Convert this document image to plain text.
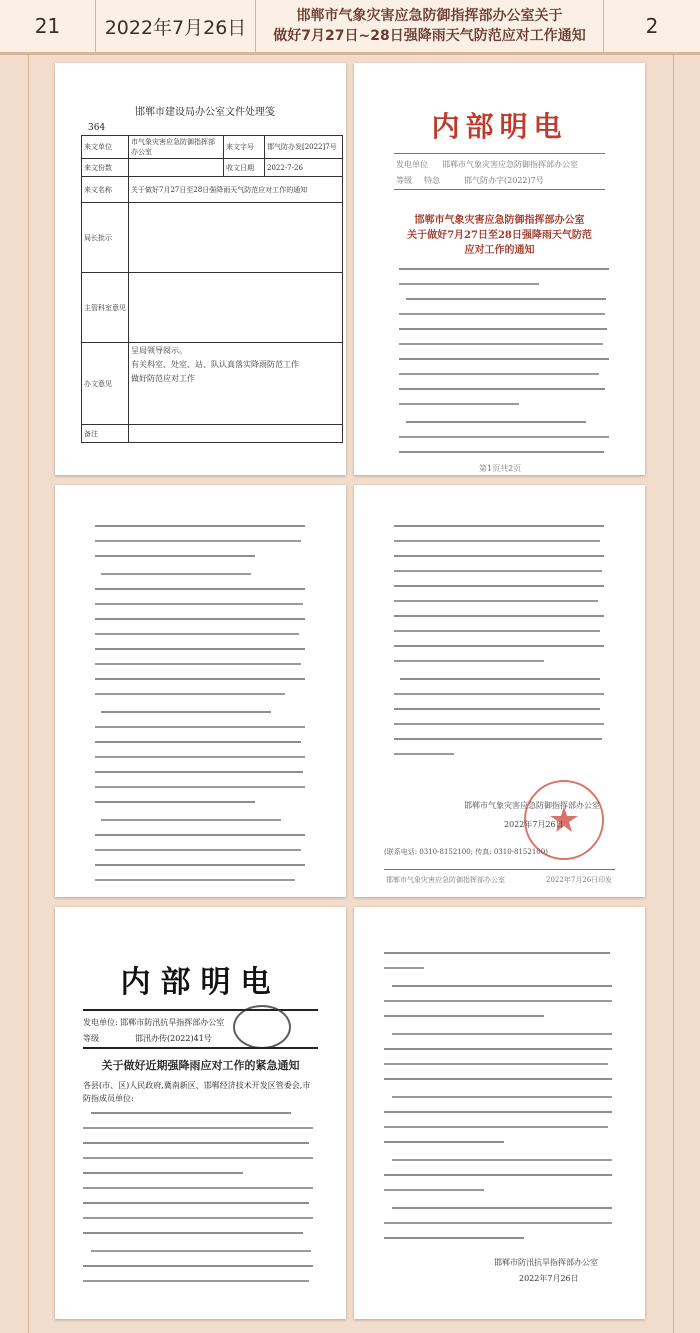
21	2022年7月26日
邯郸市气象灾害应急防御指挥部办公室关于
做好7月27日~28日强降雨天气防范应对工作通知	2
邯郸市建设局办公室文件处理笺
364
来文单位	市气象灾害应急防御指挥部办公室	来文字号	邯气防办发[2022]7号
来文份数		收文日期	2022-7-26
来文名称	关于做好7月27日至28日强降雨天气防范应对工作的通知		
局长批示			
主管科室意见			
办文意见	呈局领导阅示。
有关科室、处室、站、队认真落实降雨防范工作
做好防范应对工作		

备注			
内部明电
发电单位 邯郸市气象灾害应急防御指挥部办公室
等级 特急	邯气防办字(2022)7号
邯郸市气象灾害应急防御指挥部办公室
关于做好7月27日至28日强降雨天气防范
应对工作的通知
第1页共2页
邯郸市气象灾害应急防御指挥部办公室
2022年7月26日
(联系电话: 0310-8152100; 传真: 0310-8152100)
邯郸市气象灾害应急防御指挥部办公室	2022年7月26日印发
内部明电
发电单位: 邯郸市防汛抗旱指挥部办公室
等级	邯汛办传(2022)41号
关于做好近期强降雨应对工作的紧急通知
各县(市、区)人民政府,冀南新区、邯郸经济技术开发区管委会,市防指成员单位:
邯郸市防汛抗旱指挥部办公室
2022年7月26日
